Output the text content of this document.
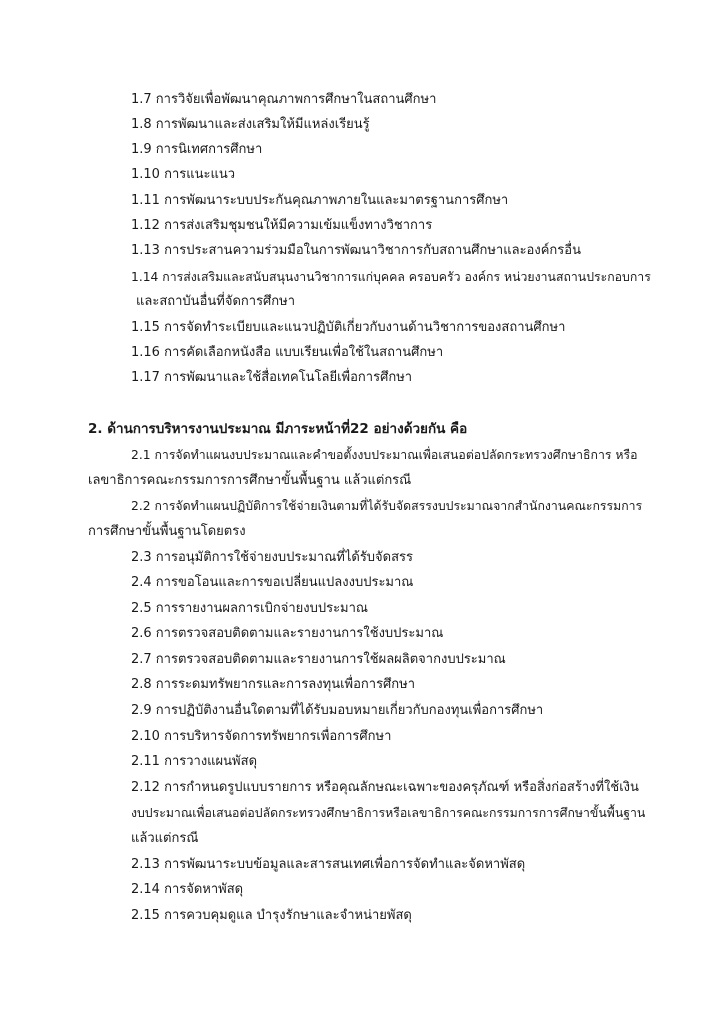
1.7 การวิจัยเพื่อพัฒนาคุณภาพการศึกษาในสถานศึกษา
1.8 การพัฒนาและส่งเสริมให้มีแหล่งเรียนรู้
1.9 การนิเทศการศึกษา
1.10 การแนะแนว
1.11 การพัฒนาระบบประกันคุณภาพภายในและมาตรฐานการศึกษา
1.12 การส่งเสริมชุมชนให้มีความเข้มแข็งทางวิชาการ
1.13 การประสานความร่วมมือในการพัฒนาวิชาการกับสถานศึกษาและองค์กรอื่น
1.14 การส่งเสริมและสนับสนุนงานวิชาการแก่บุคคล ครอบครัว องค์กร หน่วยงานสถานประกอบการ
และสถาบันอื่นที่จัดการศึกษา
1.15 การจัดทำระเบียบและแนวปฏิบัติเกี่ยวกับงานด้านวิชาการของสถานศึกษา
1.16 การคัดเลือกหนังสือ แบบเรียนเพื่อใช้ในสถานศึกษา
1.17 การพัฒนาและใช้สื่อเทคโนโลยีเพื่อการศึกษา
2. ด้านการบริหารงานประมาณ มีภาระหน้าที่22 อย่างด้วยกัน คือ
2.1 การจัดทำแผนงบประมาณและคำขอตั้งงบประมาณเพื่อเสนอต่อปลัดกระทรวงศึกษาธิการ หรือ
เลขาธิการคณะกรรมการการศึกษาขั้นพื้นฐาน แล้วแต่กรณี
2.2 การจัดทำแผนปฏิบัติการใช้จ่ายเงินตามที่ได้รับจัดสรรงบประมาณจากสำนักงานคณะกรรมการ
การศึกษาขั้นพื้นฐานโดยตรง
2.3 การอนุมัติการใช้จ่ายงบประมาณที่ได้รับจัดสรร
2.4 การขอโอนและการขอเปลี่ยนแปลงงบประมาณ
2.5 การรายงานผลการเบิกจ่ายงบประมาณ
2.6 การตรวจสอบติดตามและรายงานการใช้งบประมาณ
2.7 การตรวจสอบติดตามและรายงานการใช้ผลผลิตจากงบประมาณ
2.8 การระดมทรัพยากรและการลงทุนเพื่อการศึกษา
2.9 การปฏิบัติงานอื่นใดตามที่ได้รับมอบหมายเกี่ยวกับกองทุนเพื่อการศึกษา
2.10 การบริหารจัดการทรัพยากรเพื่อการศึกษา
2.11 การวางแผนพัสดุ
2.12 การกำหนดรูปแบบรายการ หรือคุณลักษณะเฉพาะของครุภัณฑ์ หรือสิ่งก่อสร้างที่ใช้เงิน
งบประมาณเพื่อเสนอต่อปลัดกระทรวงศึกษาธิการหรือเลขาธิการคณะกรรมการการศึกษาขั้นพื้นฐาน
แล้วแต่กรณี
2.13 การพัฒนาระบบข้อมูลและสารสนเทศเพื่อการจัดทำและจัดหาพัสดุ
2.14 การจัดหาพัสดุ
2.15 การควบคุมดูแล บำรุงรักษาและจำหน่ายพัสดุ
